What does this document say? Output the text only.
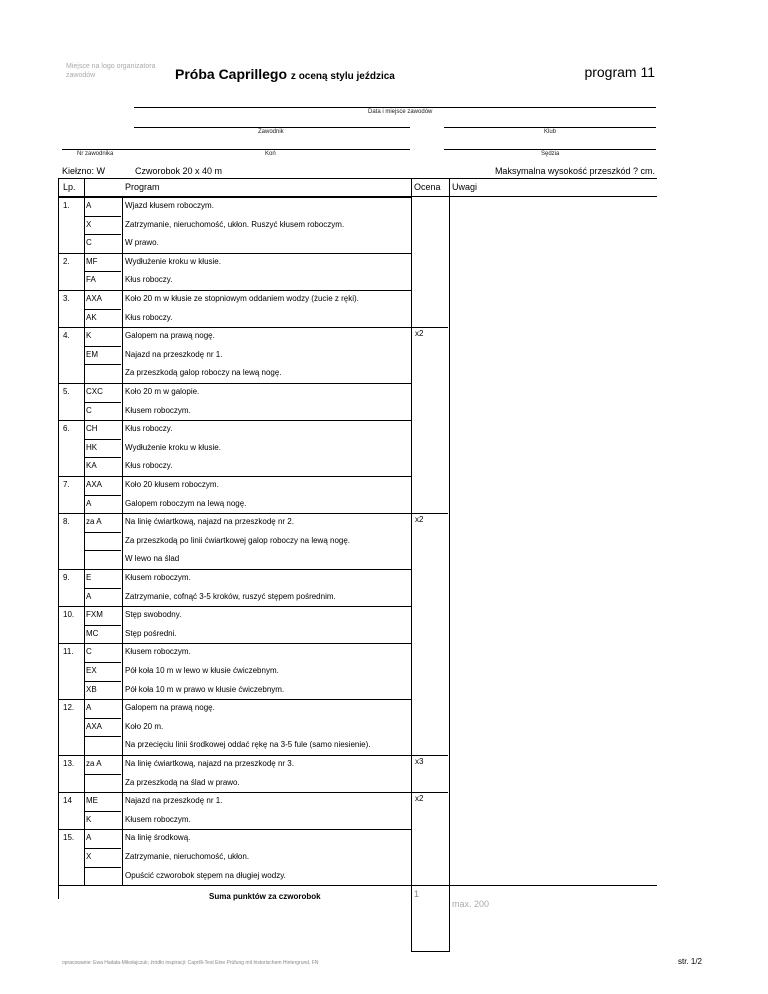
Miejsce na logo organizatora zawodów	Próba Caprillego z oceną stylu jeździca	program 11
Data i miejsce zawodów
Zawodnik	Klub
Nr zawodnika	Koń	Sędzia
Kiełzno: W	Czworobok 20 x 40 m	Maksymalna wysokość przeszkód ? cm.
Lp.	Program	Ocena Uwagi
1. A	Wjazd kłusem roboczym.
X	Zatrzymanie, nieruchomość, ukłon. Ruszyć kłusem roboczym.
C	W prawo.
2. MF	Wydłużenie kroku w kłusie.
FA	Kłus roboczy.
3. AXA	Koło 20 m w kłusie ze stopniowym oddaniem wodzy (żucie z ręki).
AK	Kłus roboczy.
4. K	Galopem na prawą nogę.	x2
EM	Najazd na przeszkodę nr 1.
Za przeszkodą galop roboczy na lewą nogę.
5. CXC	Koło 20 m w galopie.
C	Kłusem roboczym.
6. CH	Kłus roboczy.
HK	Wydłużenie kroku w kłusie.
KA	Kłus roboczy.
7. AXA	Koło 20 kłusem roboczym.
A	Galopem roboczym na lewą nogę.
8. za A	Na linię ćwiartkową, najazd na przeszkodę nr 2.	x2
Za przeszkodą po linii ćwiartkowej galop roboczy na lewą nogę.
W lewo na ślad
9. E	Kłusem roboczym.
A	Zatrzymanie, cofnąć 3-5 kroków, ruszyć stępem pośrednim.
10. FXM	Stęp swobodny.
MC	Stęp pośredni.
11. C	Kłusem roboczym.
EX	Pół koła 10 m w lewo w kłusie ćwiczebnym.
XB	Pół koła 10 m w prawo w kłusie ćwiczebnym.
12. A	Galopem na prawą nogę.
AXA	Koło 20 m.
Na przecięciu linii środkowej oddać rękę na 3-5 fule (samo niesienie).
13. za A	Na linię ćwiartkową, najazd na przeszkodę nr 3.	x3
Za przeszkodą na ślad w prawo.
14 ME	Najazd na przeszkodę nr 1.	x2
K	Kłusem roboczym.
15. A	Na linię środkową.
X	Zatrzymanie, nieruchomość, ukłon.
Opuścić czworobok stępem na długiej wodzy.
Suma punktów za czworobok	1
max. 200
opracowanie: Ewa Hadała-Mikołajczuk; źródło inspiracji: Caprilli-Test Eine Prüfung mit historischem Hintergrund, FN	str. 1/2
